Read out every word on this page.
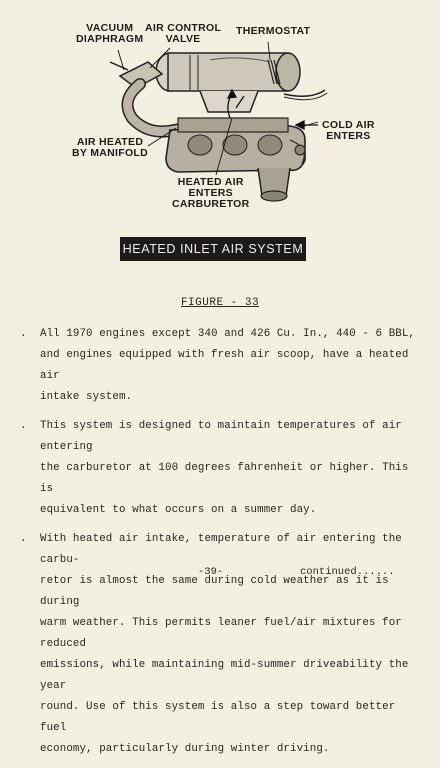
VACUUM
DIAPHRAGM
AIR CONTROL
VALVE
THERMOSTAT
COLD AIR
ENTERS
AIR HEATED
BY MANIFOLD
HEATED AIR
ENTERS
CARBURETOR
HEATED INLET AIR SYSTEM
FIGURE - 33
. All 1970 engines except 340 and 426 Cu. In., 440 - 6 BBL,
and engines equipped with fresh air scoop, have a heated air
intake system.

. This system is designed to maintain temperatures of air entering
the carburetor at 100 degrees fahrenheit or higher. This is
equivalent to what occurs on a summer day.

. With heated air intake, temperature of air entering the carbu-
retor is almost the same during cold weather as it is during
warm weather. This permits leaner fuel/air mixtures for reduced
emissions, while maintaining mid-summer driveability the year
round. Use of this system is also a step toward better fuel
economy, particularly during winter driving.

-39-	continued......
